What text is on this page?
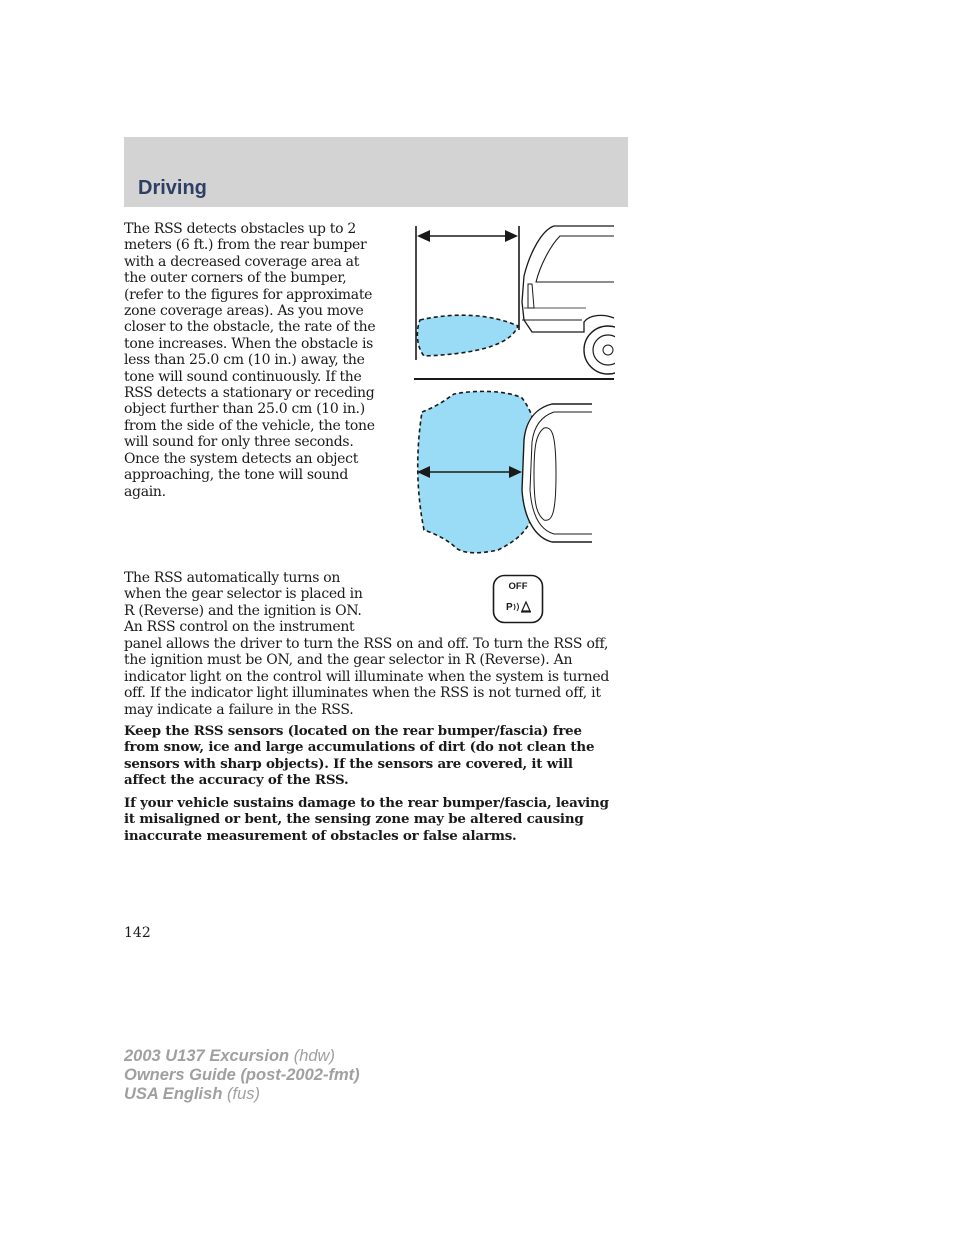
Driving

The RSS detects obstacles up to 2 meters (6 ft.) from the rear bumper with a decreased coverage area at the outer corners of the bumper, (refer to the figures for approximate zone coverage areas). As you move closer to the obstacle, the rate of the tone increases. When the obstacle is less than 25.0 cm (10 in.) away, the tone will sound continuously. If the RSS detects a stationary or receding object further than 25.0 cm (10 in.) from the side of the vehicle, the tone will sound for only three seconds. Once the system detects an object approaching, the tone will sound again.

OFF
P
The RSS automatically turns on
when the gear selector is placed in
R (Reverse) and the ignition is ON.
An RSS control on the instrument
panel allows the driver to turn the RSS on and off. To turn the RSS off,
the ignition must be ON, and the gear selector in R (Reverse). An
indicator light on the control will illuminate when the system is turned
off. If the indicator light illuminates when the RSS is not turned off, it
may indicate a failure in the RSS.
Keep the RSS sensors (located on the rear bumper/fascia) free
from snow, ice and large accumulations of dirt (do not clean the
sensors with sharp objects). If the sensors are covered, it will
affect the accuracy of the RSS.
If your vehicle sustains damage to the rear bumper/fascia, leaving
it misaligned or bent, the sensing zone may be altered causing
inaccurate measurement of obstacles or false alarms.
142
2003 U137 Excursion (hdw)
Owners Guide (post-2002-fmt)
USA English (fus)
